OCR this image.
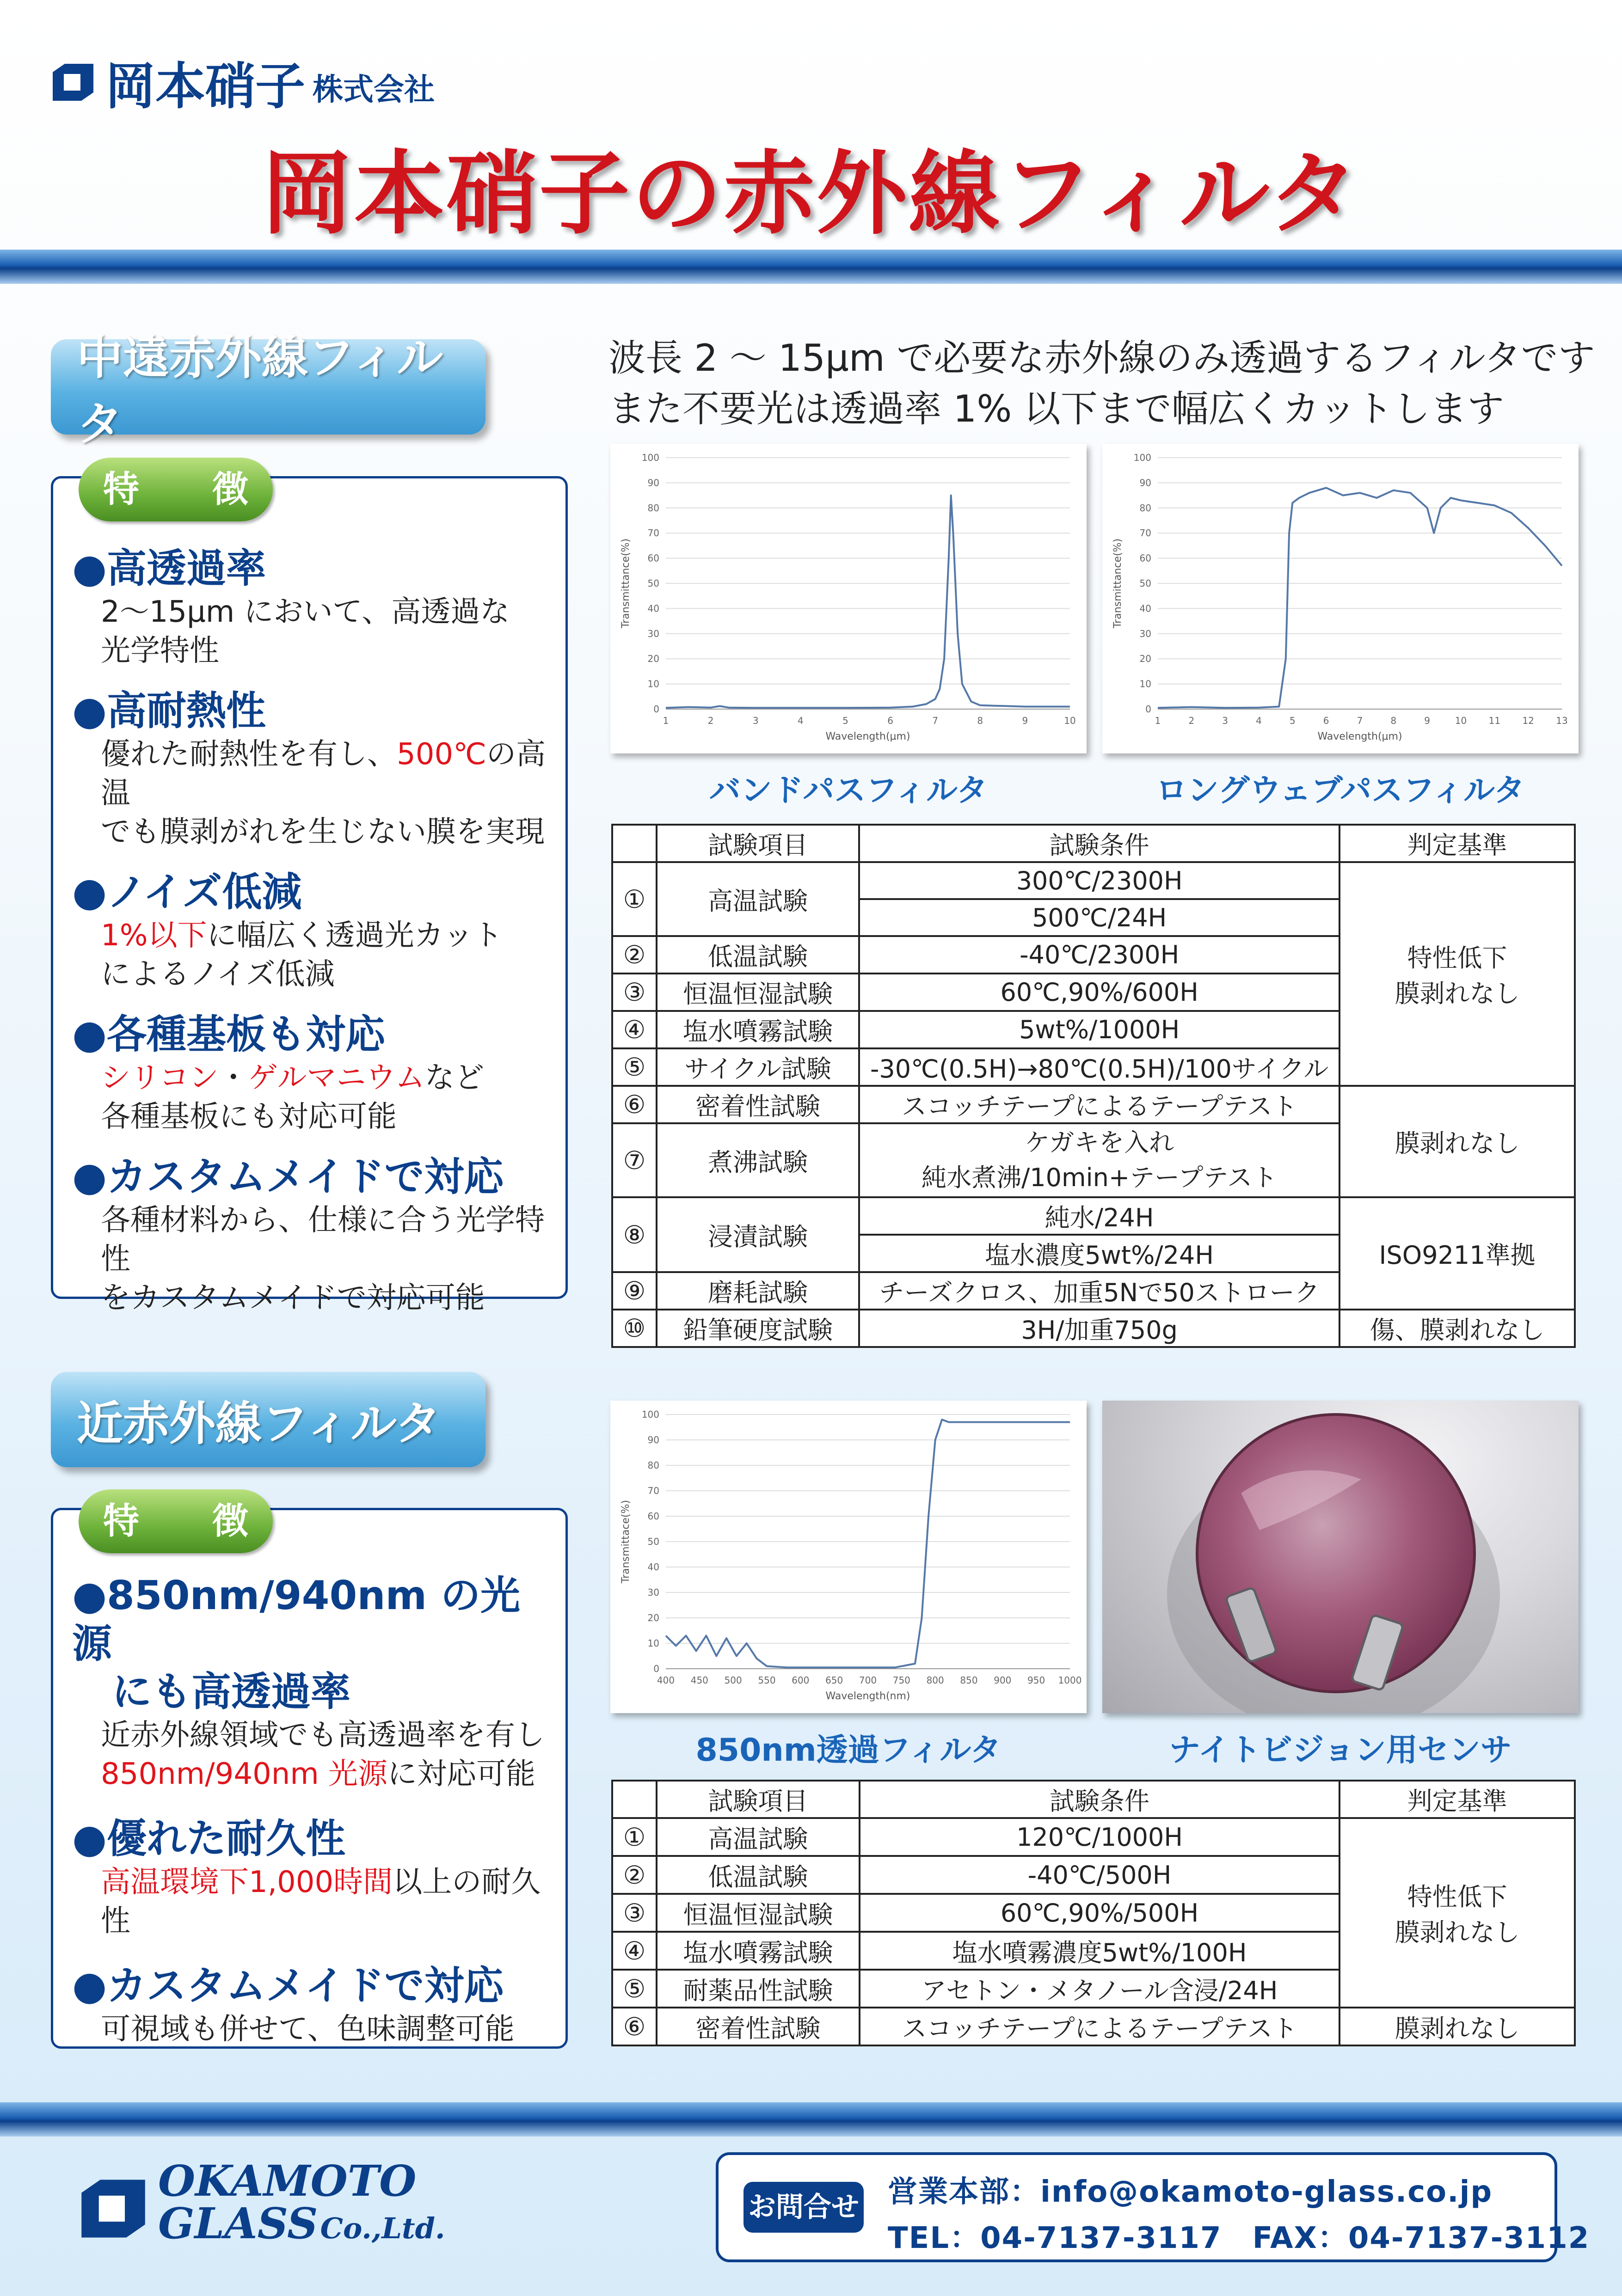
岡本硝子 株式会社
岡本硝子の赤外線フィルタ
中遠赤外線フィルタ
特　徴
●高透過率
2～15μm において、高透過な
光学特性
●高耐熱性
優れた耐熱性を有し、500℃の高温
でも膜剥がれを生じない膜を実現
●ノイズ低減
1%以下に幅広く透過光カット
によるノイズ低減
●各種基板も対応
シリコン・ゲルマニウムなど
各種基板にも対応可能
●カスタムメイドで対応
各種材料から、仕様に合う光学特性
をカスタムメイドで対応可能
波長 2 ～ 15μm で必要な赤外線のみ透過するフィルタです
また不要光は透過率 1% 以下まで幅広くカットします
0
10
20
30
40
50
60
70
80
90
100
1	2	3	4	5	6	7	8	9	10
Wavelength(μm)
Transmittance(%)
バンドパスフィルタ
0
10
20
30
40
50
60
70
80
90
100
1	2	3	4	5	6	7	8	9	10 11 12 13
Wavelength(μm)
Transmittance(%)
ロングウェブパスフィルタ
	試験項目	試験条件	判定基準
①	高温試験	300℃/2300H	特性低下
膜剥れなし
		500℃/24H	
②	低温試験	-40℃/2300H	
③	恒温恒湿試験	60℃,90%/600H	
④	塩水噴霧試験	5wt%/1000H	
⑤	サイクル試験	-30℃(0.5H)→80℃(0.5H)/100サイクル	
⑥	密着性試験	スコッチテープによるテープテスト	膜剥れなし
⑦	煮沸試験	ケガキを入れ
純水煮沸/10min+テープテスト	
⑧	浸漬試験	純水/24H	ISO9211準拠
		塩水濃度5wt%/24H	
⑨	磨耗試験	チーズクロス、加重5Nで50ストローク	
⑩	鉛筆硬度試験	3H/加重750g	傷、膜剥れなし
近赤外線フィルタ
特　徴
●850nm/940nm の光源
　にも高透過率
近赤外線領域でも高透過率を有し
850nm/940nm 光源に対応可能
●優れた耐久性
高温環境下1,000時間以上の耐久性
●カスタムメイドで対応
可視域も併せて、色味調整可能
0
10
20
30
40
50
60
70
80
90
100
400 450 500 550 600 650 700 750 800 850 900 950 1000
Wavelength(nm)
Transmittace(%)
850nm透過フィルタ	ナイトビジョン用センサ
	試験項目	試験条件	判定基準
①	高温試験	120℃/1000H	特性低下
膜剥れなし
②	低温試験	-40℃/500H	
③	恒温恒湿試験	60℃,90%/500H	
④	塩水噴霧試験	塩水噴霧濃度5wt%/100H	
⑤	耐薬品性試験	アセトン・メタノール含浸/24H	
⑥	密着性試験	スコッチテープによるテープテスト	膜剥れなし
OKAMOTO
GLASS Co.,Ltd.
お問合せ 営業本部：info@okamoto-glass.co.jp
TEL：04-7137-3117　FAX：04-7137-3112
